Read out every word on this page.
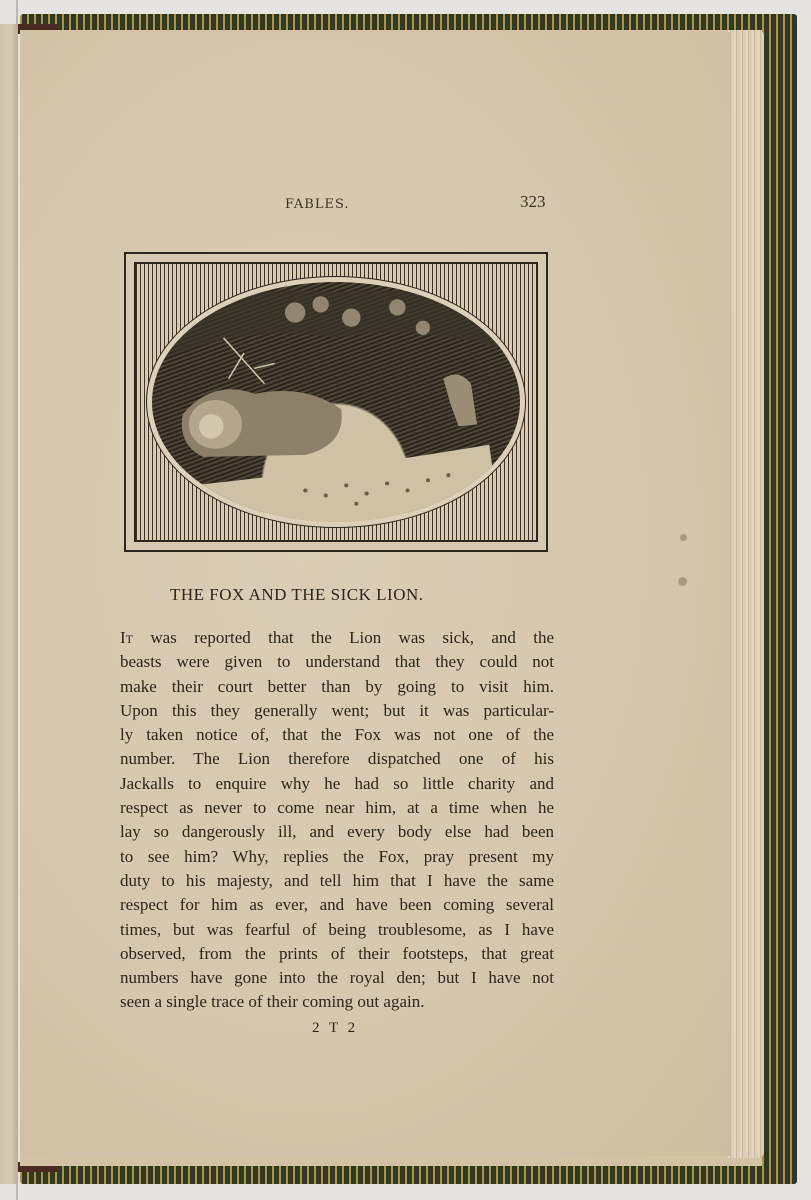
FABLES.	323
THE FOX AND THE SICK LION.
It was reported that the Lion was sick, and the
beasts were given to understand that they could not
make their court better than by going to visit him.
Upon this they generally went; but it was particular-
ly taken notice of, that the Fox was not one of the
number. The Lion therefore dispatched one of his
Jackalls to enquire why he had so little charity and
respect as never to come near him, at a time when he
lay so dangerously ill, and every body else had been
to see him? Why, replies the Fox, pray present my
duty to his majesty, and tell him that I have the same
respect for him as ever, and have been coming several
times, but was fearful of being troublesome, as I have
observed, from the prints of their footsteps, that great
numbers have gone into the royal den; but I have not
seen a single trace of their coming out again.
2 T 2
